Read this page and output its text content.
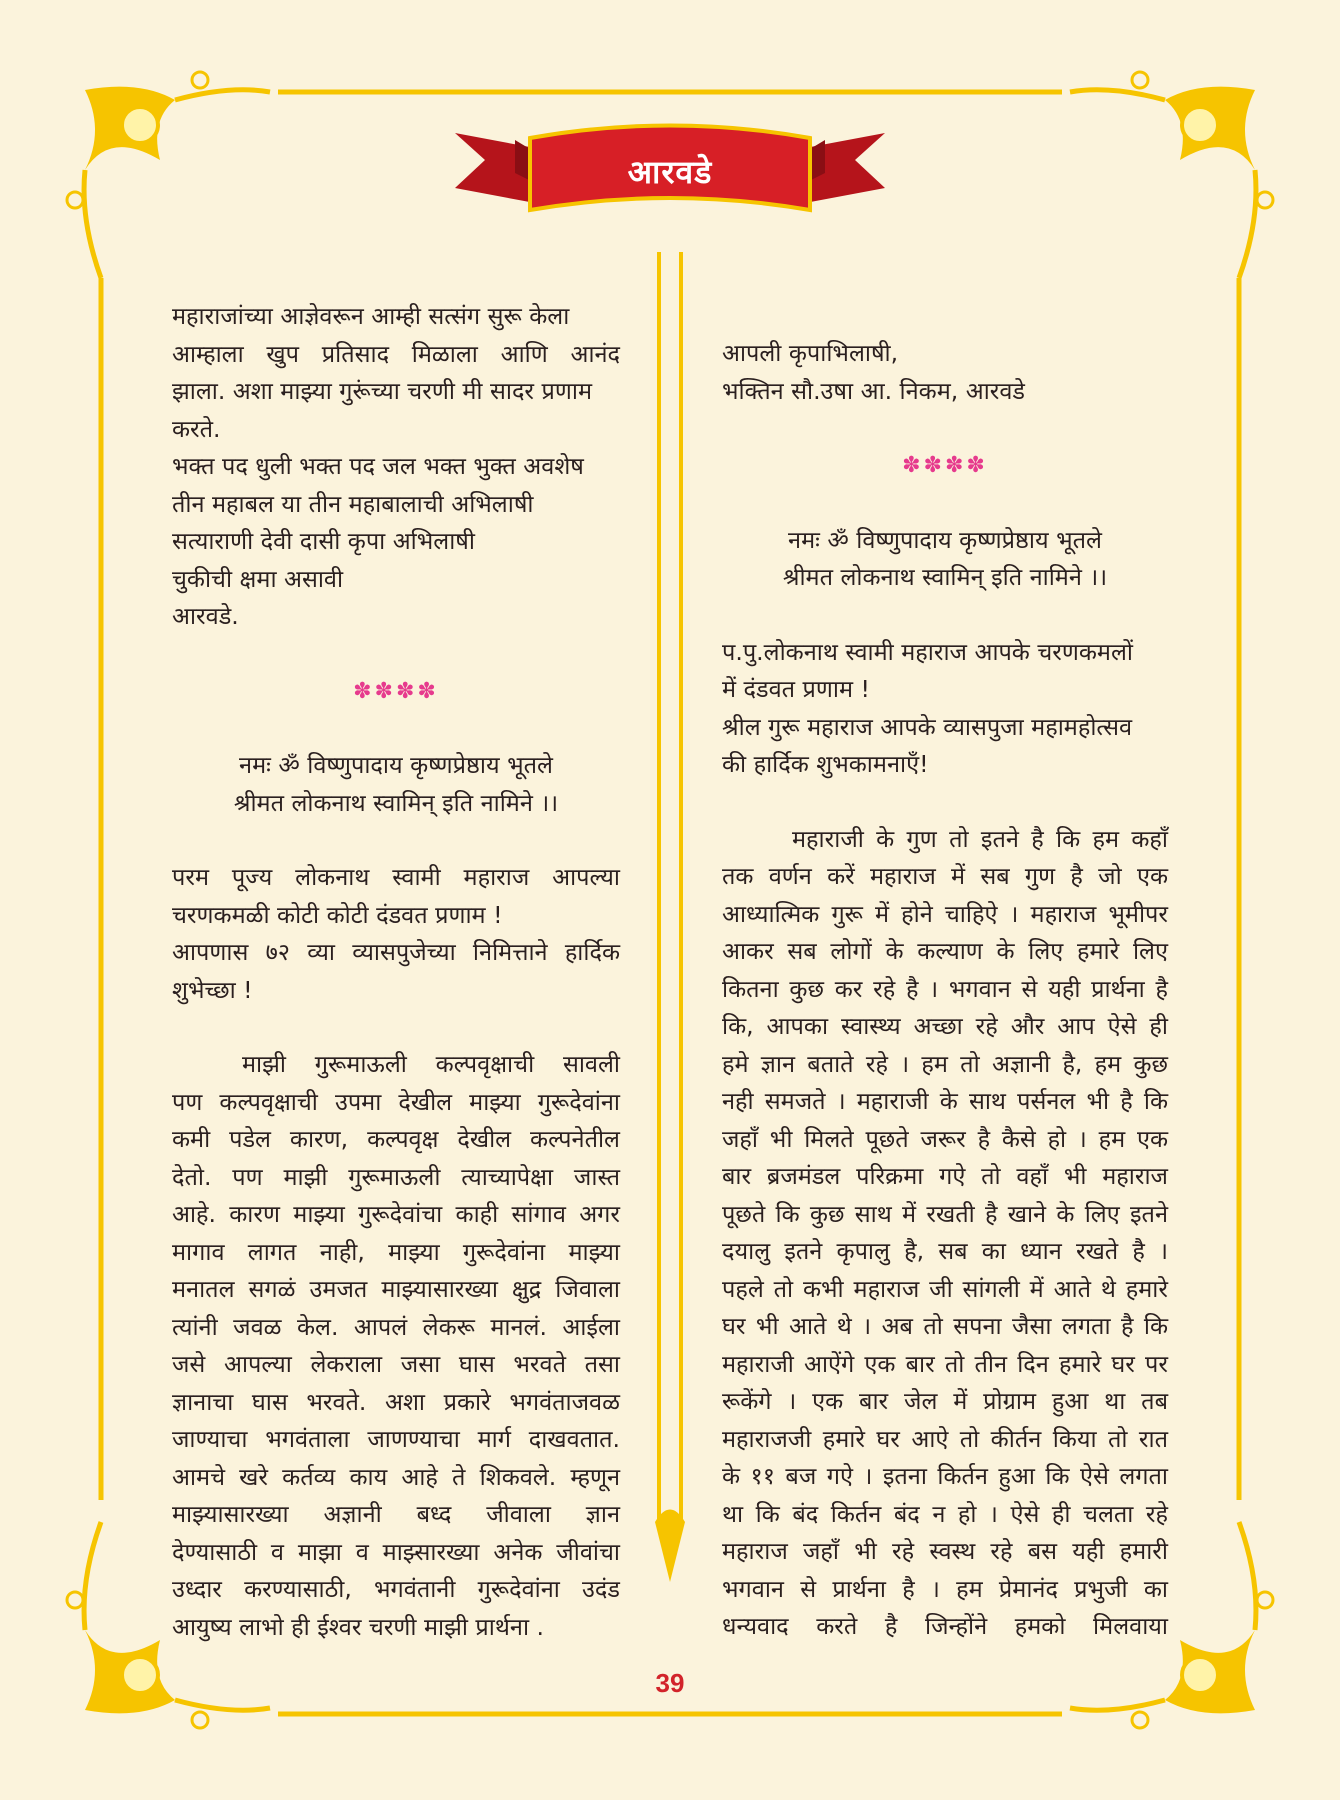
आरवडे

महाराजांच्या आज्ञेवरून आम्ही सत्संग सुरू केला

आम्हाला खुप प्रतिसाद मिळाला आणि आनंद

झाला. अशा माझ्या गुरूंच्या चरणी मी सादर प्रणाम

करते.

भक्त पद धुली भक्त पद जल भक्त भुक्त अवशेष

तीन महाबल या तीन महाबालाची अभिलाषी

सत्याराणी देवी दासी कृपा अभिलाषी

चुकीची क्षमा असावी

आरवडे.

✽✽✽✽

नमः ॐ विष्णुपादाय कृष्णप्रेष्ठाय भूतले

श्रीमत लोकनाथ स्वामिन् इति नामिने ।।

परम पूज्य लोकनाथ स्वामी महाराज आपल्या

चरणकमळी कोटी कोटी दंडवत प्रणाम !

आपणास ७२ व्या व्यासपुजेच्या निमित्ताने हार्दिक

शुभेच्छा !

माझी गुरूमाऊली कल्पवृक्षाची सावली

पण कल्पवृक्षाची उपमा देखील माझ्या गुरूदेवांना

कमी पडेल कारण, कल्पवृक्ष देखील कल्पनेतील

देतो. पण माझी गुरूमाऊली त्याच्यापेक्षा जास्त

आहे. कारण माझ्या गुरूदेवांचा काही सांगाव अगर

मागाव लागत नाही, माझ्या गुरूदेवांना माझ्या

मनातल सगळं उमजत माझ्यासारख्या क्षुद्र जिवाला

त्यांनी जवळ केल. आपलं लेकरू मानलं. आईला

जसे आपल्या लेकराला जसा घास भरवते तसा

ज्ञानाचा घास भरवते. अशा प्रकारे भगवंताजवळ

जाण्याचा भगवंताला जाणण्याचा मार्ग दाखवतात.

आमचे खरे कर्तव्य काय आहे ते शिकवले. म्हणून

माझ्यासारख्या अज्ञानी बध्द जीवाला ज्ञान

देण्यासाठी व माझा व माझ्सारख्या अनेक जीवांचा

उध्दार करण्यासाठी, भगवंतानी गुरूदेवांना उदंड

आयुष्य लाभो ही ईश्वर चरणी माझी प्रार्थना .

आपली कृपाभिलाषी,

भक्तिन सौ.उषा आ. निकम, आरवडे

✽✽✽✽

नमः ॐ विष्णुपादाय कृष्णप्रेष्ठाय भूतले

श्रीमत लोकनाथ स्वामिन् इति नामिने ।।

प.पु.लोकनाथ स्वामी महाराज आपके चरणकमलों

में दंडवत प्रणाम !

श्रील गुरू महाराज आपके व्यासपुजा महामहोत्सव

की हार्दिक शुभकामनाएँ!

महाराजी के गुण तो इतने है कि हम कहाँ

तक वर्णन करें महाराज में सब गुण है जो एक

आध्यात्मिक गुरू में होने चाहिऐ । महाराज भूमीपर

आकर सब लोगों के कल्याण के लिए हमारे लिए

कितना कुछ कर रहे है । भगवान से यही प्रार्थना है

कि, आपका स्वास्थ्य अच्छा रहे और आप ऐसे ही

हमे ज्ञान बताते रहे । हम तो अज्ञानी है, हम कुछ

नही समजते । महाराजी के साथ पर्सनल भी है कि

जहाँ भी मिलते पूछते जरूर है कैसे हो । हम एक

बार ब्रजमंडल परिक्रमा गऐ तो वहाँ भी महाराज

पूछते कि कुछ साथ में रखती है खाने के लिए इतने

दयालु इतने कृपालु है, सब का ध्यान रखते है ।

पहले तो कभी महाराज जी सांगली में आते थे हमारे

घर भी आते थे । अब तो सपना जैसा लगता है कि

महाराजी आऐंगे एक बार तो तीन दिन हमारे घर पर

रूकेंगे । एक बार जेल में प्रोग्राम हुआ था तब

महाराजजी हमारे घर आऐ तो कीर्तन किया तो रात

के ११ बज गऐ । इतना किर्तन हुआ कि ऐसे लगता

था कि बंद किर्तन बंद न हो । ऐसे ही चलता रहे

महाराज जहाँ भी रहे स्वस्थ रहे बस यही हमारी

भगवान से प्रार्थना है । हम प्रेमानंद प्रभुजी का

धन्यवाद करते है जिन्होंने हमको मिलवाया

39
